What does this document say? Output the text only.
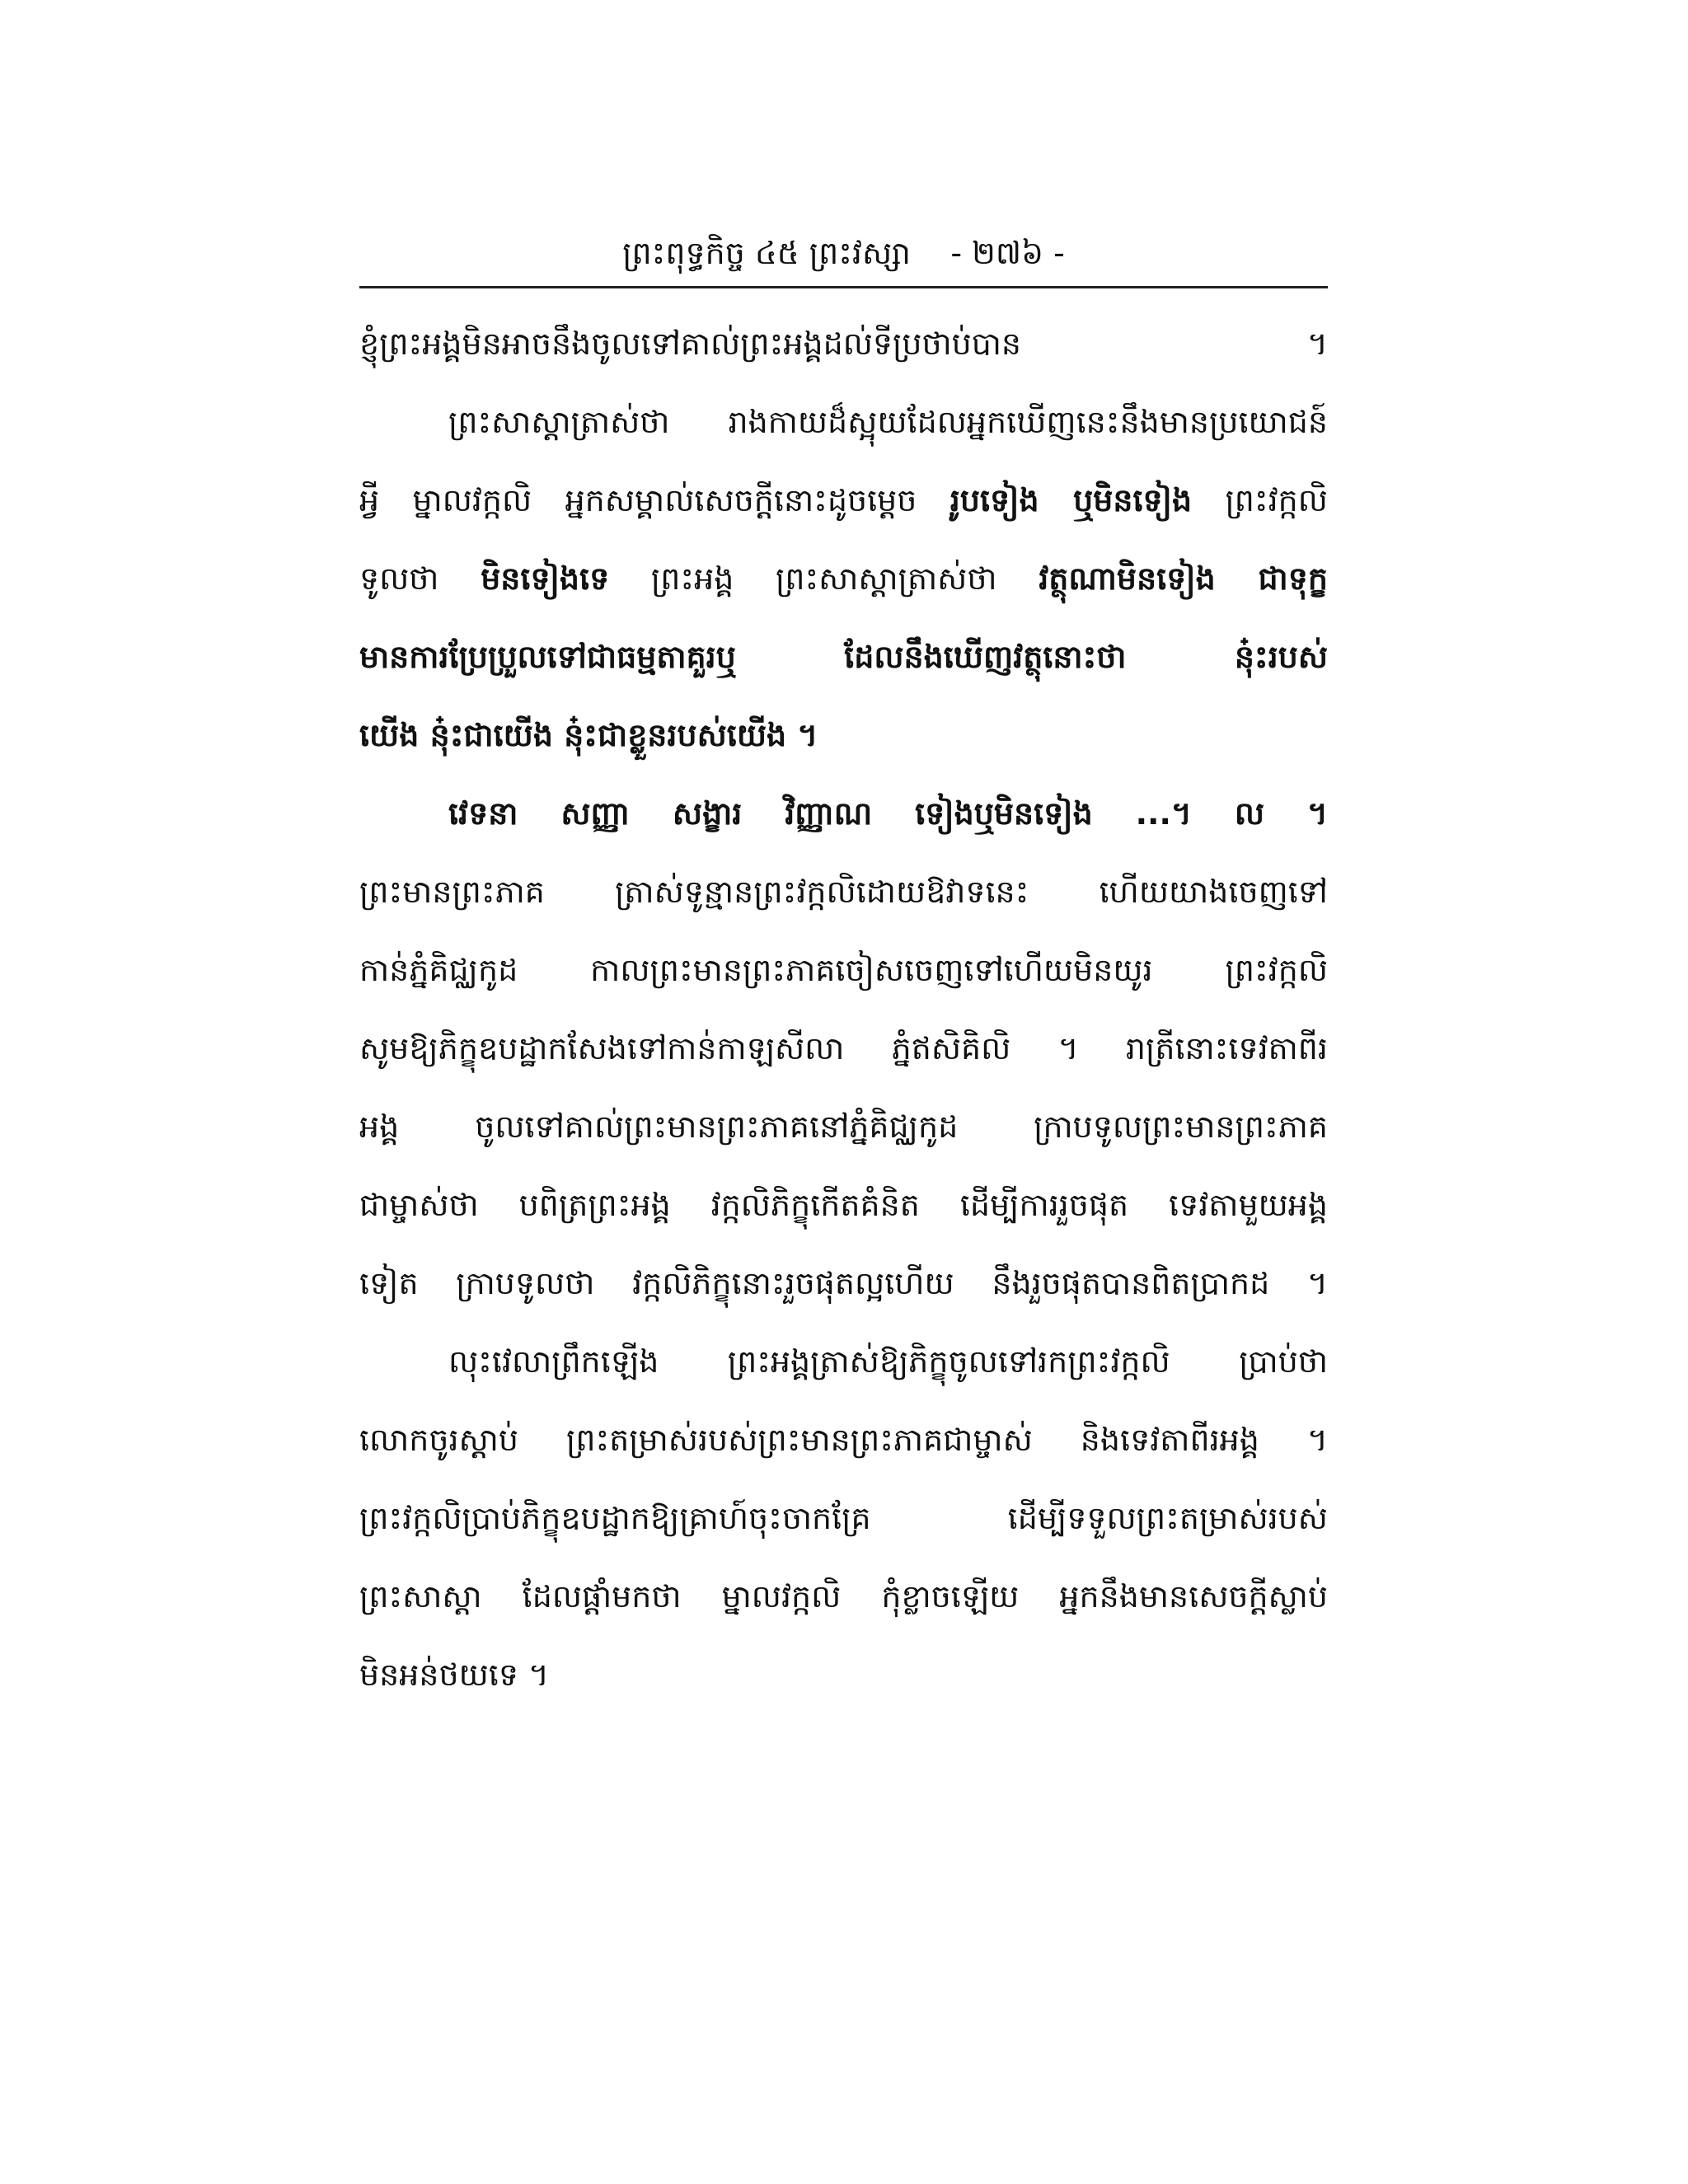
ព្រះពុទ្ធកិច្ច ៤៥ ព្រះវស្សា - ២៧៦ -
ខ្ញុំព្រះអង្គមិនអាចនឹងចូលទៅគាល់ព្រះអង្គដល់ទីប្រថាប់បាន ។
ព្រះសាស្តាត្រាស់ថា រាងកាយដ៏ស្អុយដែលអ្នកឃើញនេះនឹងមានប្រយោជន៍
អ្វី ម្នាលវក្កលិ អ្នកសម្គាល់សេចក្តីនោះដូចម្តេច រូបទៀង ឬមិនទៀង ព្រះវក្កលិ
ទូលថា មិនទៀងទេ ព្រះអង្គ ព្រះសាស្តាត្រាស់ថា វត្ថុណាមិនទៀង ជាទុក្ខ
មានការប្រែប្រួលទៅជាធម្មតាគួរឬ ដែលនឹងឃើញវត្ថុនោះថា នុ៎ះរបស់
យើង នុ៎ះជាយើង នុ៎ះជាខ្លួនរបស់យើង ។
វេទនា សញ្ញា សង្ខារ វិញ្ញាណ ទៀងឬមិនទៀង ...។ ល ។
ព្រះមានព្រះភាគ ត្រាស់ទូន្មានព្រះវក្កលិដោយឱវាទនេះ ហើយយាងចេញទៅ
កាន់ភ្នំគិជ្ឈកូដ កាលព្រះមានព្រះភាគចៀសចេញទៅហើយមិនយូរ ព្រះវក្កលិ
សូមឱ្យភិក្ខុឧបដ្ឋាកសែងទៅកាន់កាឡសីលា ភ្នំឥសិគិលិ ។ រាត្រីនោះទេវតាពីរ
អង្គ ចូលទៅគាល់ព្រះមានព្រះភាគនៅភ្នំគិជ្ឈកូដ ក្រាបទូលព្រះមានព្រះភាគ
ជាម្ចាស់ថា បពិត្រព្រះអង្គ វក្កលិភិក្ខុកើតគំនិត ដើម្បីការរួចផុត ទេវតាមួយអង្គ
ទៀត ក្រាបទូលថា វក្កលិភិក្ខុនោះរួចផុតល្អហើយ នឹងរួចផុតបានពិតប្រាកដ ។
លុះវេលាព្រឹកឡើង ព្រះអង្គត្រាស់ឱ្យភិក្ខុចូលទៅរកព្រះវក្កលិ ប្រាប់ថា
លោកចូរស្តាប់ ព្រះតម្រាស់របស់ព្រះមានព្រះភាគជាម្ចាស់ និងទេវតាពីរអង្គ ។
ព្រះវក្កលិប្រាប់ភិក្ខុឧបដ្ឋាកឱ្យគ្រាហ៍ចុះចាកគ្រែ ដើម្បីទទួលព្រះតម្រាស់របស់
ព្រះសាស្តា ដែលផ្តាំមកថា ម្នាលវក្កលិ កុំខ្លាចឡើយ អ្នកនឹងមានសេចក្តីស្លាប់
មិនអន់ថយទេ ។
